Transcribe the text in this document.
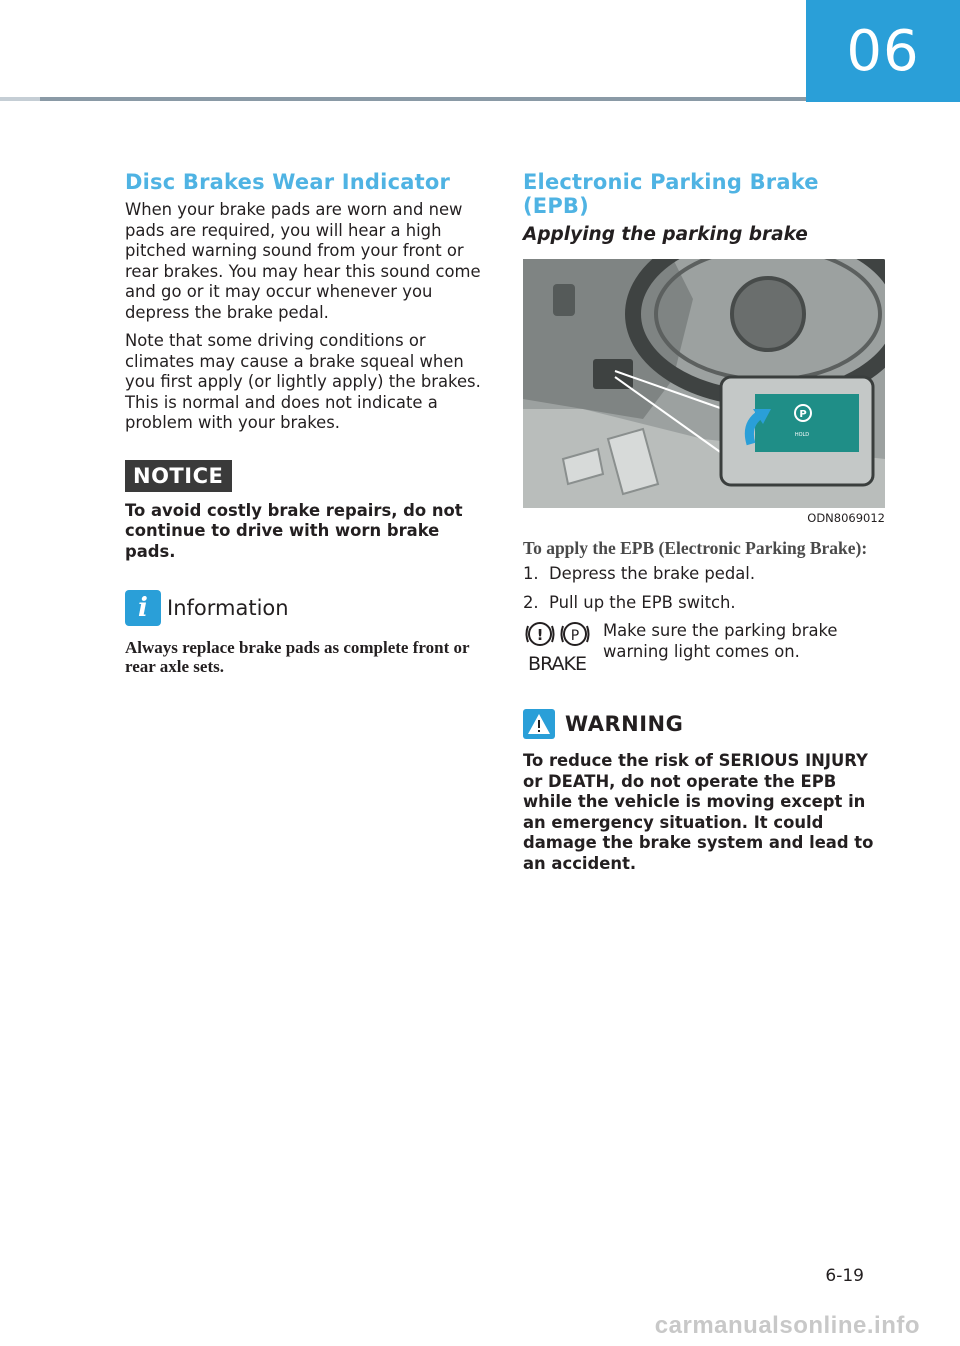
06
Disc Brakes Wear Indicator

When your brake pads are worn and new pads are required, you will hear a high pitched warning sound from your front or rear brakes. You may hear this sound come and go or it may occur whenever you depress the brake pedal.

Note that some driving conditions or climates may cause a brake squeal when you first apply (or lightly apply) the brakes. This is normal and does not indicate a problem with your brakes.

NOTICE

To avoid costly brake repairs, do not continue to drive with worn brake pads.

i Information

Always replace brake pads as complete front or rear axle sets.

Electronic Parking Brake (EPB)
Applying the parking brake
P
HOLD

ODN8069012

To apply the EPB (Electronic Parking Brake):

1. Depress the brake pedal.
2. Pull up the EPB switch.
! P
BRAKE

Make sure the parking brake warning light comes on.

WARNING

To reduce the risk of SERIOUS INJURY or DEATH, do not operate the EPB while the vehicle is moving except in an emergency situation. It could damage the brake system and lead to an accident.

6-19
carmanualsonline.info
